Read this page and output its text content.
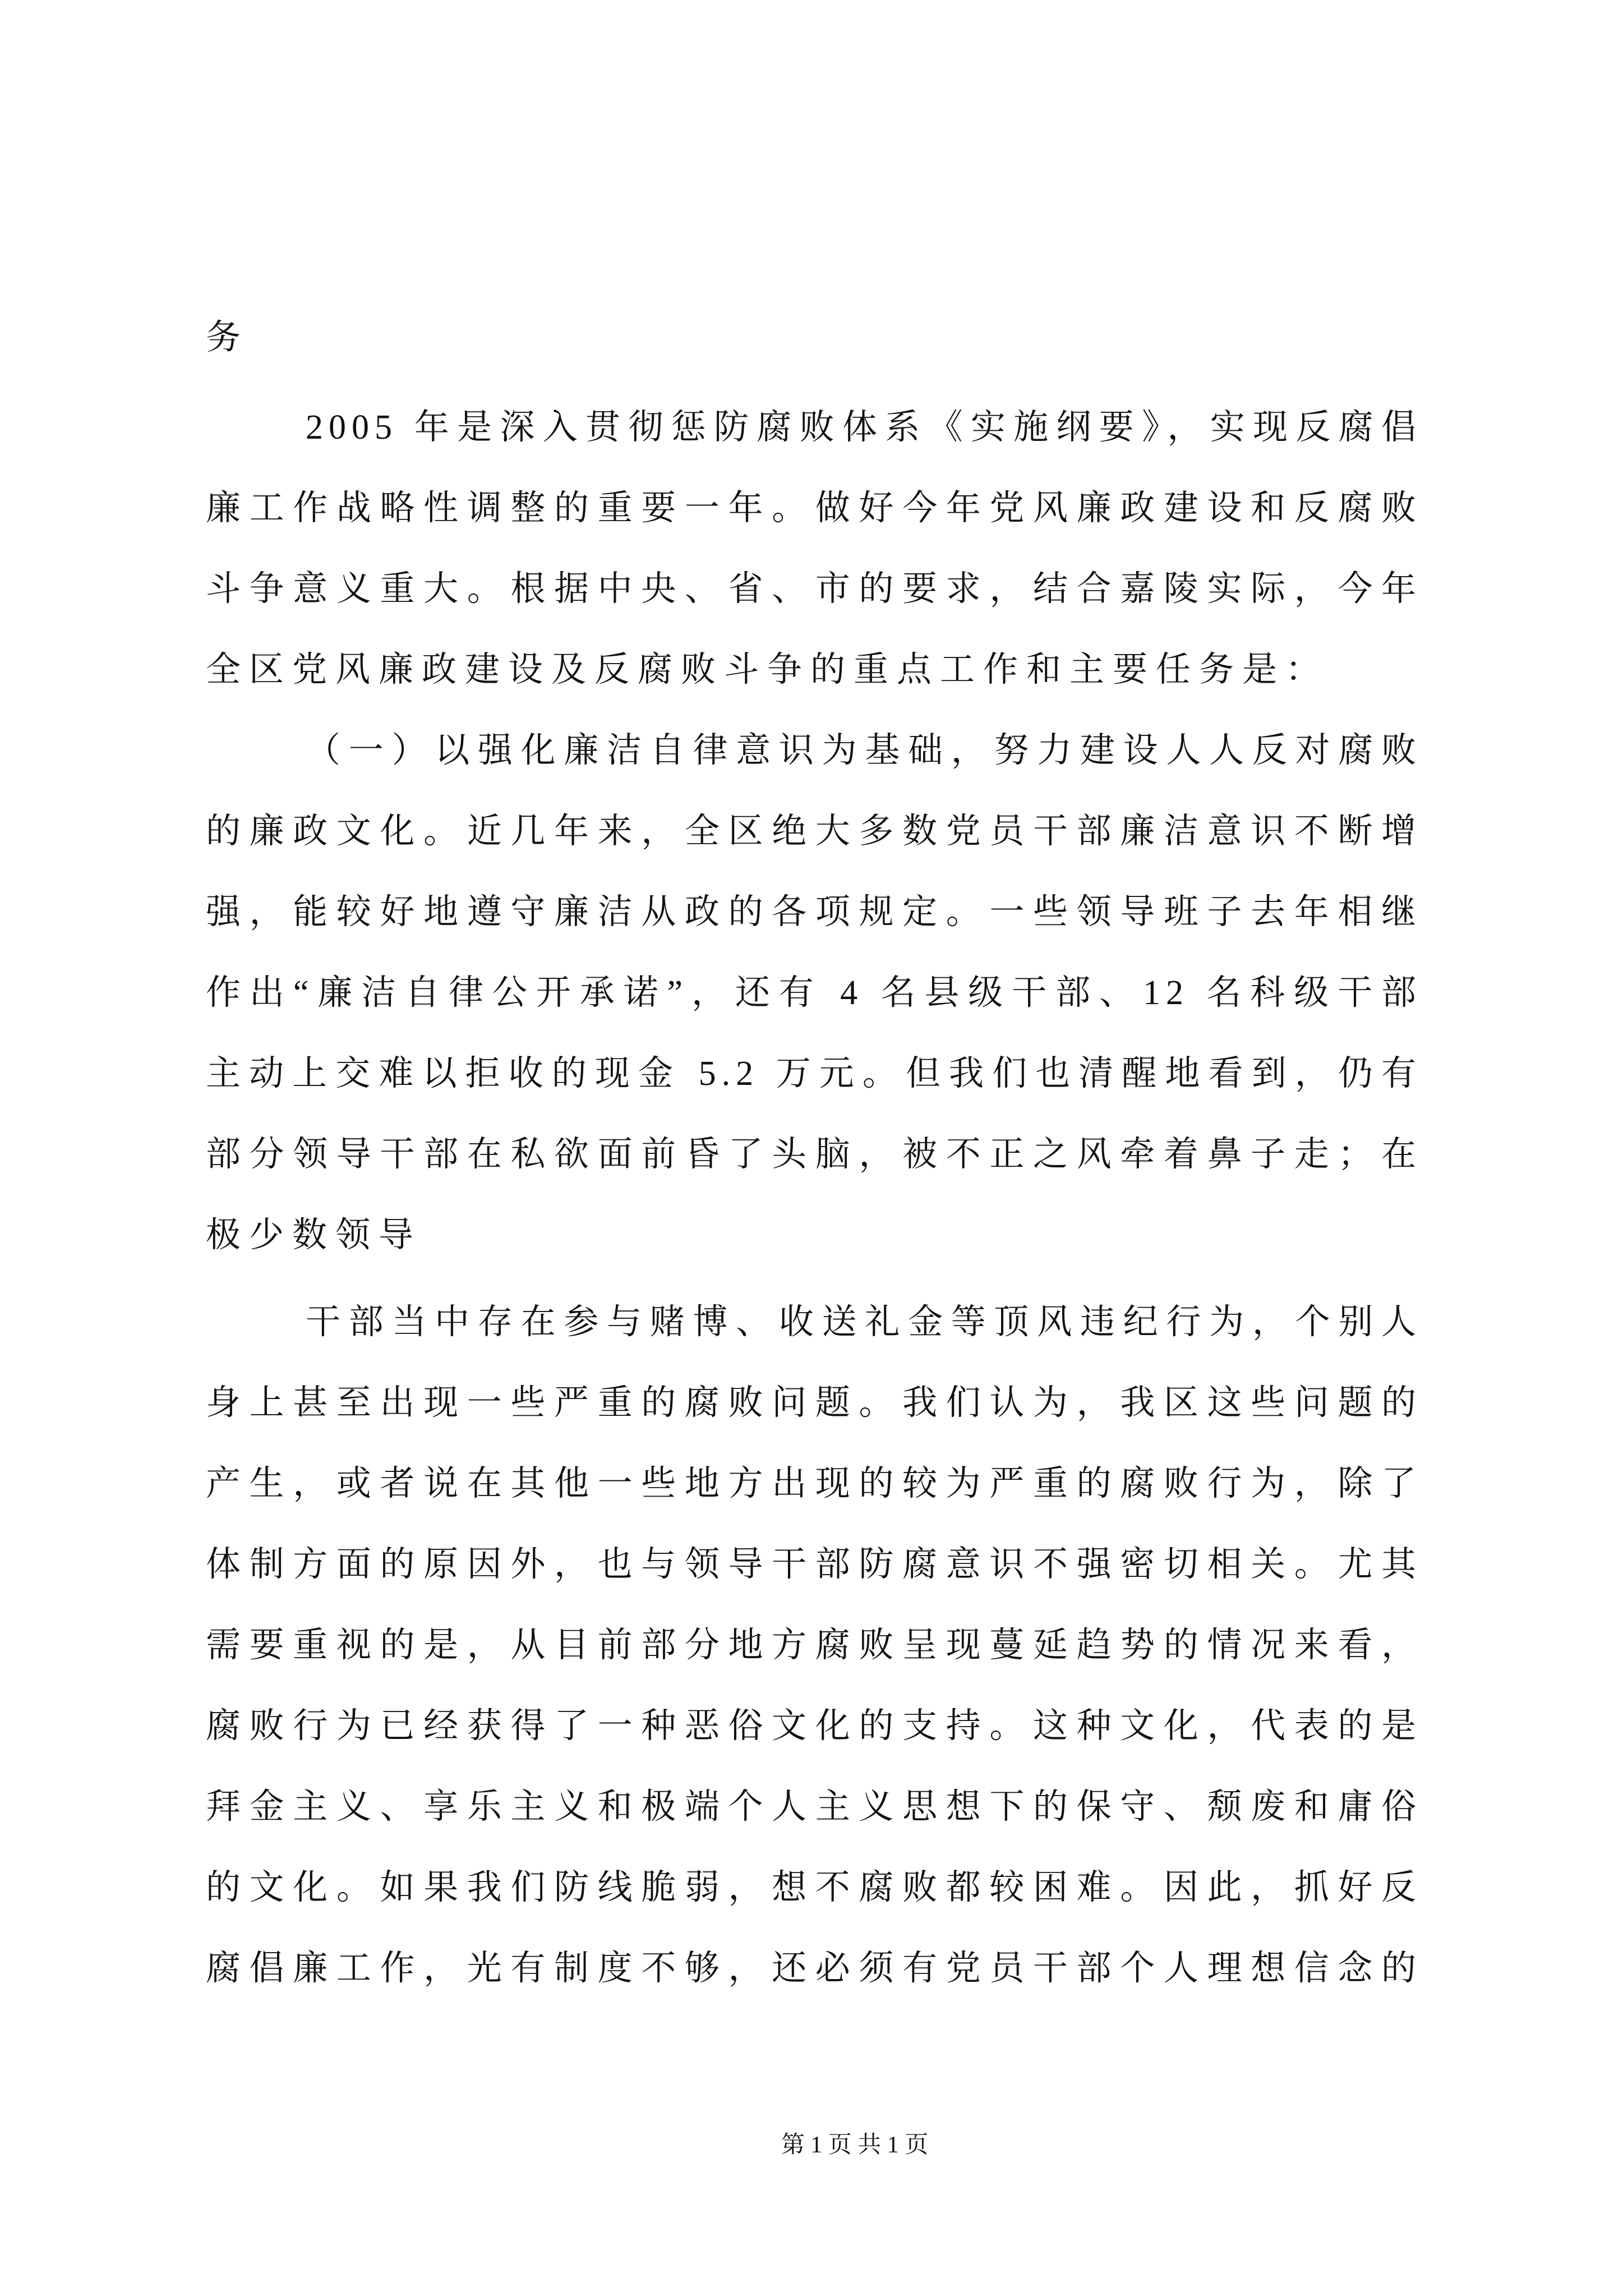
务
2005 年是深入贯彻惩防腐败体系《实施纲要》，实现反腐倡
廉工作战略性调整的重要一年。做好今年党风廉政建设和反腐败
斗争意义重大。根据中央、省、市的要求，结合嘉陵实际，今年
全区党风廉政建设及反腐败斗争的重点工作和主要任务是：
（一）以强化廉洁自律意识为基础，努力建设人人反对腐败
的廉政文化。近几年来，全区绝大多数党员干部廉洁意识不断增
强，能较好地遵守廉洁从政的各项规定。一些领导班子去年相继
作出“廉洁自律公开承诺”，还有 4 名县级干部、12 名科级干部
主动上交难以拒收的现金 5.2 万元。但我们也清醒地看到，仍有
部分领导干部在私欲面前昏了头脑，被不正之风牵着鼻子走；在
极少数领导
干部当中存在参与赌博、收送礼金等顶风违纪行为，个别人
身上甚至出现一些严重的腐败问题。我们认为，我区这些问题的
产生，或者说在其他一些地方出现的较为严重的腐败行为，除了
体制方面的原因外，也与领导干部防腐意识不强密切相关。尤其
需要重视的是，从目前部分地方腐败呈现蔓延趋势的情况来看，
腐败行为已经获得了一种恶俗文化的支持。这种文化，代表的是
拜金主义、享乐主义和极端个人主义思想下的保守、颓废和庸俗
的文化。如果我们防线脆弱，想不腐败都较困难。因此，抓好反
腐倡廉工作，光有制度不够，还必须有党员干部个人理想信念的
第 1 页 共 1 页
